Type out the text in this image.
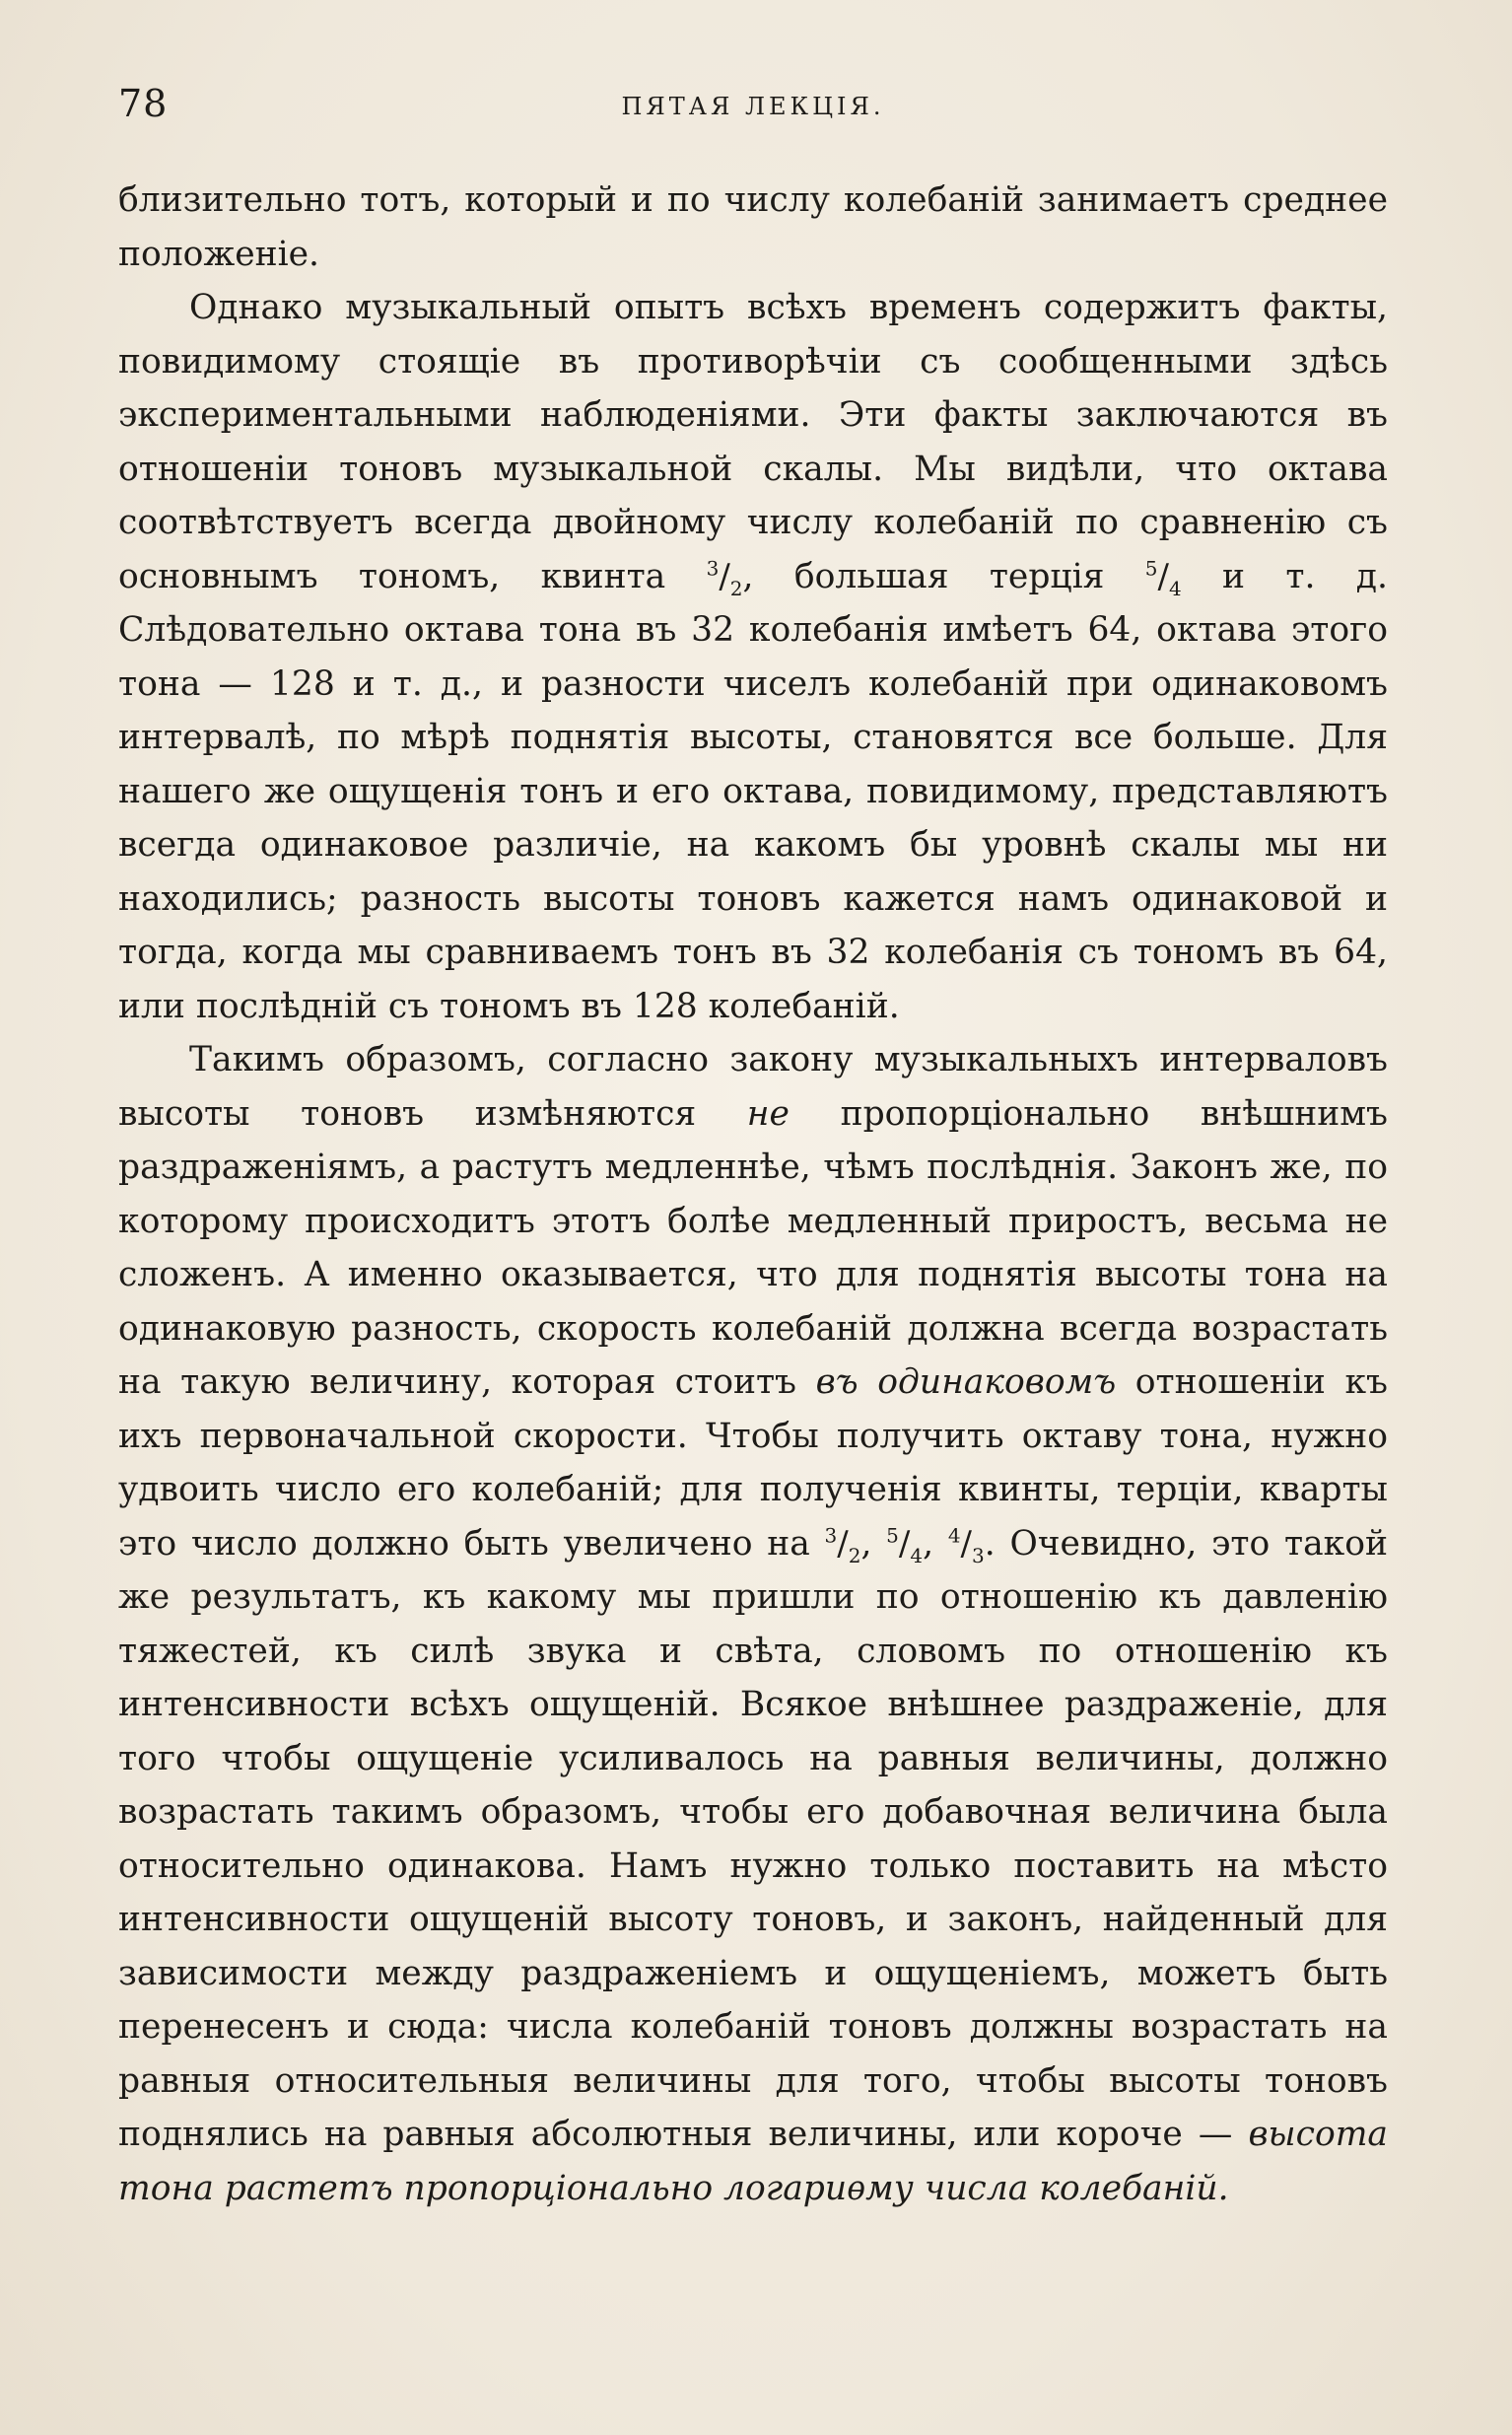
78	ПЯТАЯ ЛЕКЦІЯ.

близительно тотъ, который и по числу колебаній занимаетъ среднее положеніе.

Однако музыкальный опытъ всѣхъ временъ содержитъ факты, повидимому стоящіе въ противорѣчіи съ сообщенными здѣсь экспериментальными наблюденіями. Эти факты заключаются въ отношеніи тоновъ музыкальной скалы. Мы видѣли, что октава соотвѣтствуетъ всегда двойному числу колебаній по сравненію съ основнымъ тономъ, квинта $^3/_2$, большая терція $^5/_4$ и т. д. Слѣдовательно октава тона въ 32 колебанія имѣетъ 64, октава этого тона — 128 и т. д., и разности чиселъ колебаній при одинаковомъ интервалѣ, по мѣрѣ поднятія высоты, становятся все больше. Для нашего же ощущенія тонъ и его октава, повидимому, представляютъ всегда одинаковое различіе, на какомъ бы уровнѣ скалы мы ни находились; разность высоты тоновъ кажется намъ одинаковой и тогда, когда мы сравниваемъ тонъ въ 32 колебанія съ тономъ въ 64, или послѣдній съ тономъ въ 128 колебаній.

Такимъ образомъ, согласно закону музыкальныхъ интерваловъ высоты тоновъ измѣняются не пропорціонально внѣшнимъ раздраженіямъ, а растутъ медленнѣе, чѣмъ послѣднія. Законъ же, по которому происходитъ этотъ болѣе медленный приростъ, весьма не сложенъ. А именно оказывается, что для поднятія высоты тона на одинаковую разность, скорость колебаній должна всегда возрастать на такую величину, которая стоитъ въ одинаковомъ отношеніи къ ихъ первоначальной скорости. Чтобы получить октаву тона, нужно удвоить число его колебаній; для полученія квинты, терціи, кварты это число должно быть увеличено на $^3/_2$, $^5/_4$, $^4/_3$. Очевидно, это такой же результатъ, къ какому мы пришли по отношенію къ давленію тяжестей, къ силѣ звука и свѣта, словомъ по отношенію къ интенсивности всѣхъ ощущеній. Всякое внѣшнее раздраженіе, для того чтобы ощущеніе усиливалось на равныя величины, должно возрастать такимъ образомъ, чтобы его добавочная величина была относительно одинакова. Намъ нужно только поставить на мѣсто интенсивности ощущеній высоту тоновъ, и законъ, найденный для зависимости между раздраженіемъ и ощущеніемъ, можетъ быть перенесенъ и сюда: числа колебаній тоновъ должны возрастать на равныя относительныя величины для того, чтобы высоты тоновъ поднялись на равныя абсолютныя величины, или короче — высота тона растетъ пропорціонально логариѳму числа колебаній.
